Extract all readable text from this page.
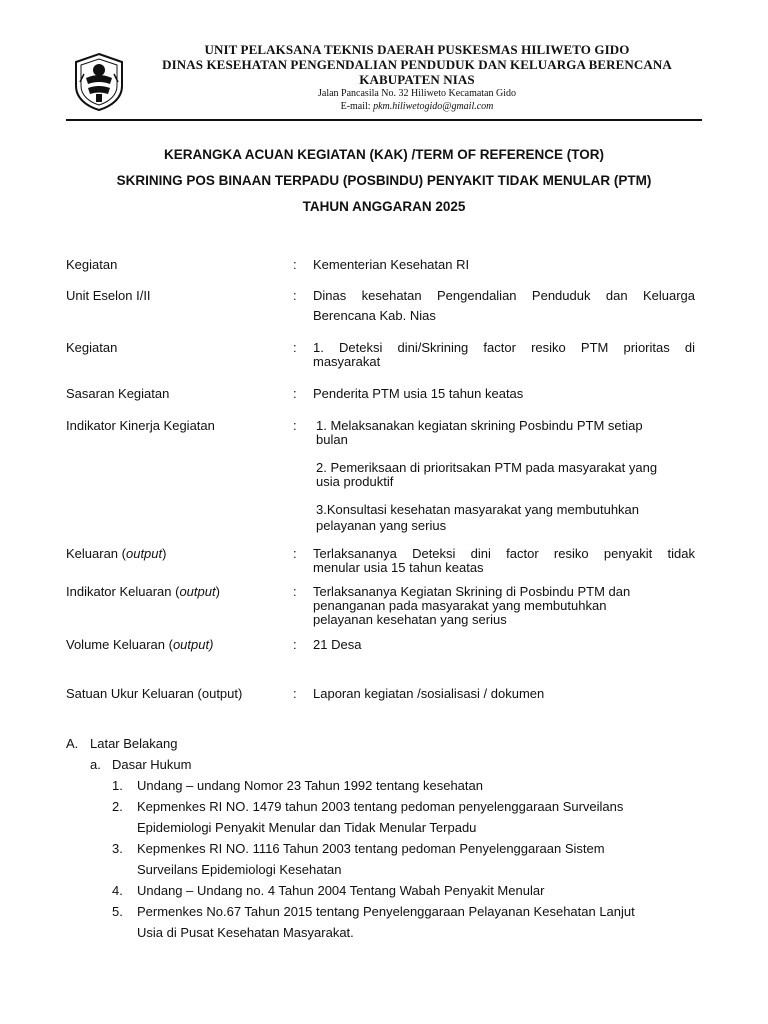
UNIT PELAKSANA TEKNIS DAERAH PUSKESMAS HILIWETO GIDO
DINAS KESEHATAN PENGENDALIAN PENDUDUK DAN KELUARGA BERENCANA
KABUPATEN NIAS
Jalan Pancasila No. 32 Hiliweto Kecamatan Gido
E-mail: pkm.hiliwetogido@gmail.com
KERANGKA ACUAN KEGIATAN (KAK) /TERM OF REFERENCE (TOR)
SKRINING POS BINAAN TERPADU (POSBINDU) PENYAKIT TIDAK MENULAR (PTM)
TAHUN ANGGARAN 2025
Kegiatan	:	Kementerian Kesehatan RI
Unit Eselon I/II	:	Dinas kesehatan Pengendalian Penduduk dan Keluarga
Berencana Kab. Nias
Kegiatan	:	1. Deteksi dini/Skrining factor resiko PTM prioritas di
masyarakat
Sasaran Kegiatan	:	Penderita PTM usia 15 tahun keatas
Indikator Kinerja Kegiatan	:	1. Melaksanakan kegiatan skrining Posbindu PTM setiap
bulan
2. Pemeriksaan di prioritsakan PTM pada masyarakat yang
usia produktif
3.Konsultasi kesehatan masyarakat yang membutuhkan
pelayanan yang serius
Keluaran (output)	:	Terlaksananya Deteksi dini factor resiko penyakit tidak
menular usia 15 tahun keatas
Indikator Keluaran (output)	:	Terlaksananya Kegiatan Skrining di Posbindu PTM dan
penanganan pada masyarakat yang membutuhkan
pelayanan kesehatan yang serius
Volume Keluaran (output)	:	21 Desa
Satuan Ukur Keluaran (output)	:	Laporan kegiatan /sosialisasi / dokumen
A. Latar Belakang
a. Dasar Hukum
1.	Undang – undang Nomor 23 Tahun 1992 tentang kesehatan
2.	Kepmenkes RI NO. 1479 tahun 2003 tentang pedoman penyelenggaraan Surveilans
Epidemiologi Penyakit Menular dan Tidak Menular Terpadu
3.	Kepmenkes RI NO. 1116 Tahun 2003 tentang pedoman Penyelenggaraan Sistem
Surveilans Epidemiologi Kesehatan
4.	Undang – Undang no. 4 Tahun 2004 Tentang Wabah Penyakit Menular
5.	Permenkes No.67 Tahun 2015 tentang Penyelenggaraan Pelayanan Kesehatan Lanjut
Usia di Pusat Kesehatan Masyarakat.
